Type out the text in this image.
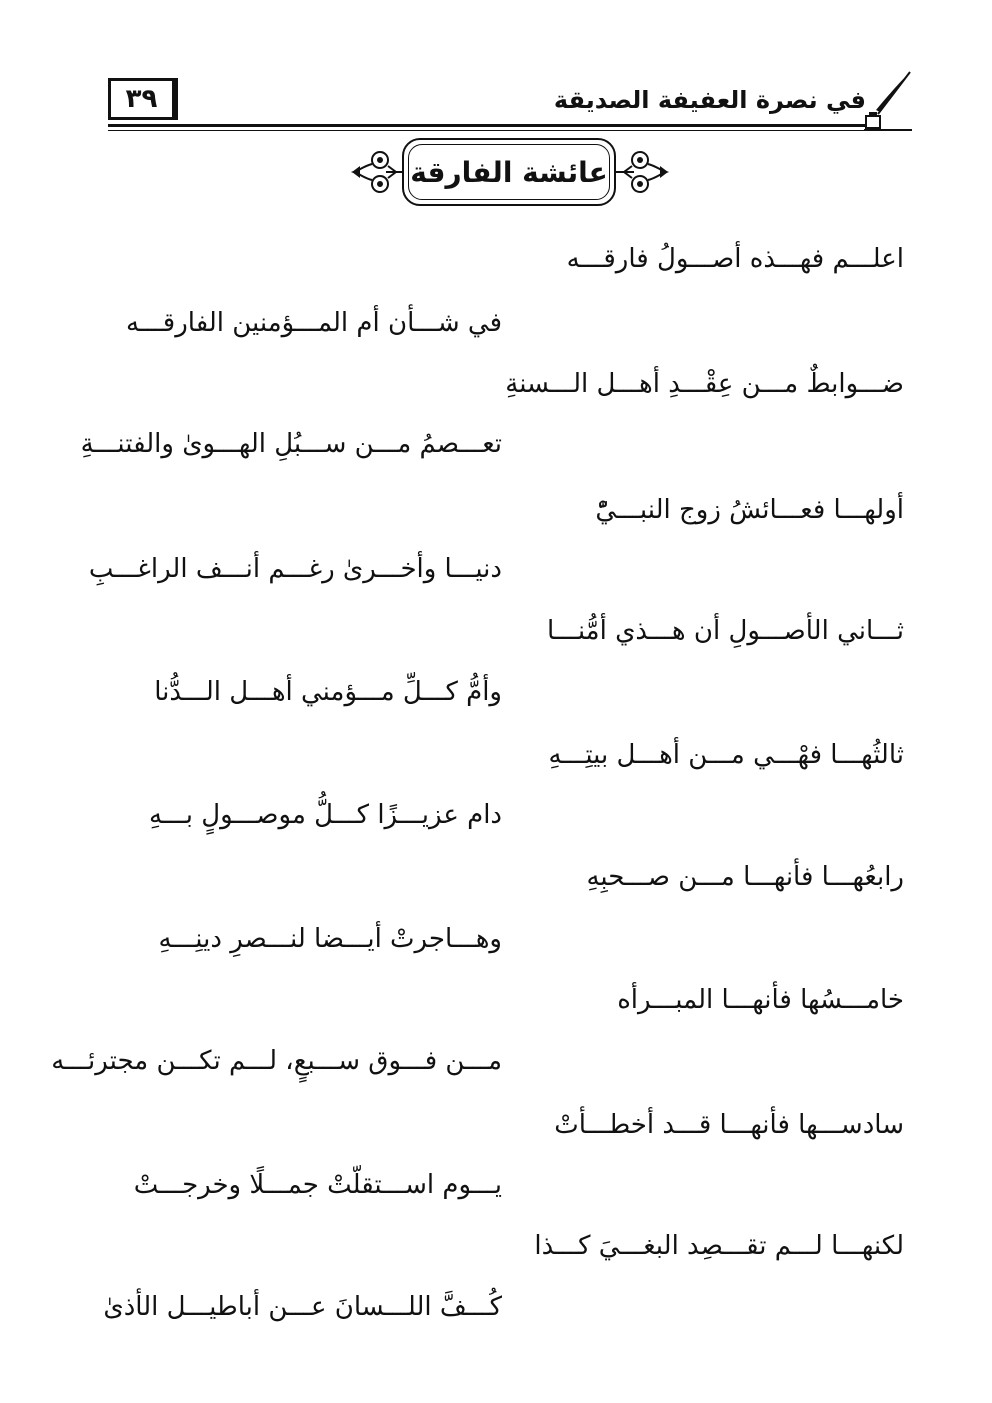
٣٩	في نصرة العفيفة الصديقة
عائشة الفارقة
اعلـــم فهـــذه أصـــولُ فارقـــه
في شـــأن أم المـــؤمنين الفارقـــه
ضـــوابطٌ مـــن عِقْـــدِ أهـــل الـــسنةِ
تعـــصمُ مـــن ســـبُلِ الهـــوىٰ والفتنـــةِ
أولهـــا فعـــائشُ زوج النبـــيّْ
دنيـــا وأخـــرىٰ رغـــم أنـــف الراغـــبِ
ثـــاني الأصـــولِ أن هـــذي أمُّنـــا
وأمُّ كـــلِّ مـــؤمني أهـــل الـــدُّنا
ثالثُهـــا فهْـــي مـــن أهـــل بيتِـــهِ
دام عزيـــزًا كـــلُّ موصـــولٍ بـــهِ
رابعُهـــا فأنهـــا مـــن صـــحبِهِ
وهـــاجرتْ أيـــضا لنـــصرِ دينِـــهِ
خامـــسُها فأنهـــا المبـــرأه
مـــن فـــوق ســـبعٍ، لـــم تكـــن مجترئـــه
سادســـها فأنهـــا قـــد أخطـــأتْ
يـــوم اســـتقلّتْ جمـــلًا وخرجـــتْ
لكنهـــا لـــم تقـــصِد البغـــيَ كـــذا
كُـــفَّ اللـــسانَ عـــن أباطيـــل الأذىٰ
